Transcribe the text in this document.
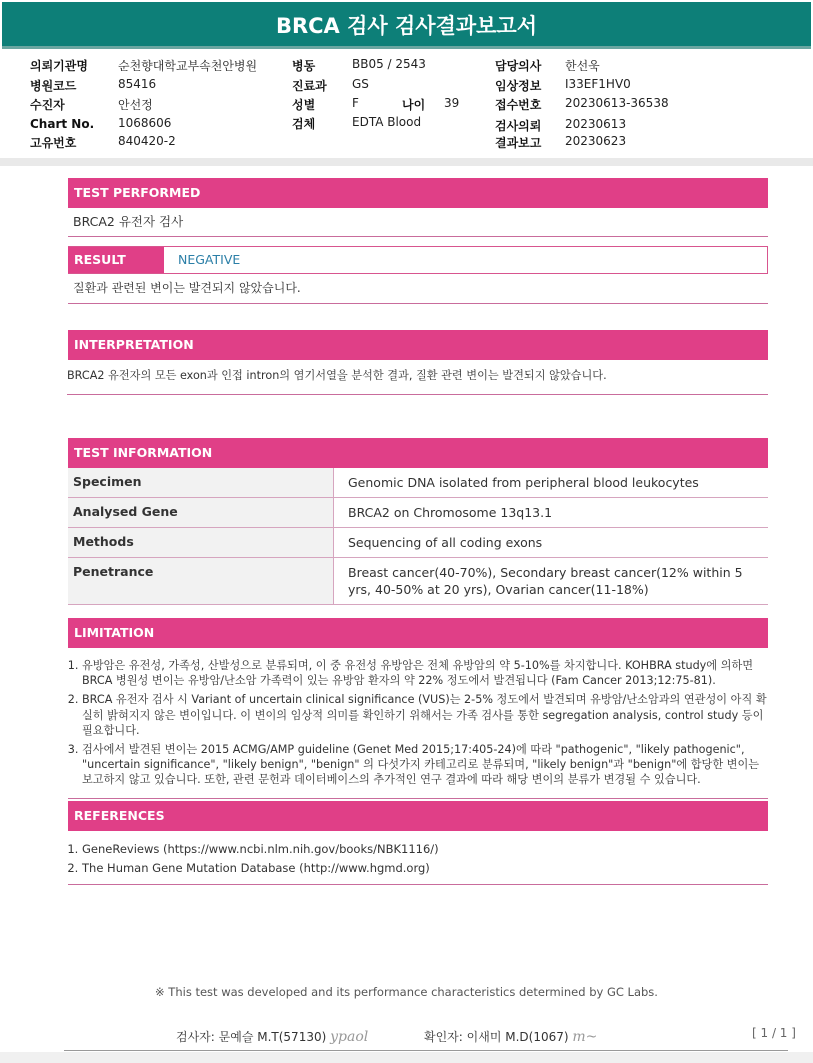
BRCA 검사 검사결과보고서
의뢰기관명	순천향대학교부속천안병원
병원코드	85416
수진자	안선정
Chart No. 1068606
고유번호	840420-2
병동	BB05 / 2543
진료과 GS
성별	F	나이 39
검체	EDTA Blood
담당의사 한선욱
임상정보 I33EF1HV0
접수번호 20230613-36538
검사의뢰 20230613
결과보고 20230623
TEST PERFORMED
BRCA2 유전자 검사
RESULT	NEGATIVE
질환과 관련된 변이는 발견되지 않았습니다.
INTERPRETATION
BRCA2 유전자의 모든 exon과 인접 intron의 염기서열을 분석한 결과, 질환 관련 변이는 발견되지 않았습니다.
TEST INFORMATION
Specimen	Genomic DNA isolated from peripheral blood leukocytes
Analysed Gene	BRCA2 on Chromosome 13q13.1
Methods	Sequencing of all coding exons
Penetrance	Breast cancer(40-70%), Secondary breast cancer(12% within 5 yrs, 40-50% at 20 yrs), Ovarian cancer(11-18%)
LIMITATION
1. 유방암은 유전성, 가족성, 산발성으로 분류되며, 이 중 유전성 유방암은 전체 유방암의 약 5-10%를 차지합니다. KOHBRA study에 의하면 BRCA 병원성 변이는 유방암/난소암 가족력이 있는 유방암 환자의 약 22% 정도에서 발견됩니다 (Fam Cancer 2013;12:75-81).
2. BRCA 유전자 검사 시 Variant of uncertain clinical significance (VUS)는 2-5% 정도에서 발견되며 유방암/난소암과의 연관성이 아직 확실히 밝혀지지 않은 변이입니다. 이 변이의 임상적 의미를 확인하기 위해서는 가족 검사를 통한 segregation analysis, control study 등이 필요합니다.
3. 검사에서 발견된 변이는 2015 ACMG/AMP guideline (Genet Med 2015;17:405-24)에 따라 "pathogenic", "likely pathogenic", "uncertain significance", "likely benign", "benign" 의 다섯가지 카테고리로 분류되며, "likely benign"과 "benign"에 합당한 변이는 보고하지 않고 있습니다. 또한, 관련 문헌과 데이터베이스의 추가적인 연구 결과에 따라 해당 변이의 분류가 변경될 수 있습니다.
REFERENCES
1. GeneReviews (https://www.ncbi.nlm.nih.gov/books/NBK1116/)
2. The Human Gene Mutation Database (http://www.hgmd.org)
※ This test was developed and its performance characteristics determined by GC Labs.
검사자: 문예슬 M.T(57130) ypaol	확인자: 이새미 M.D(1067) m~	[ 1 / 1 ]
